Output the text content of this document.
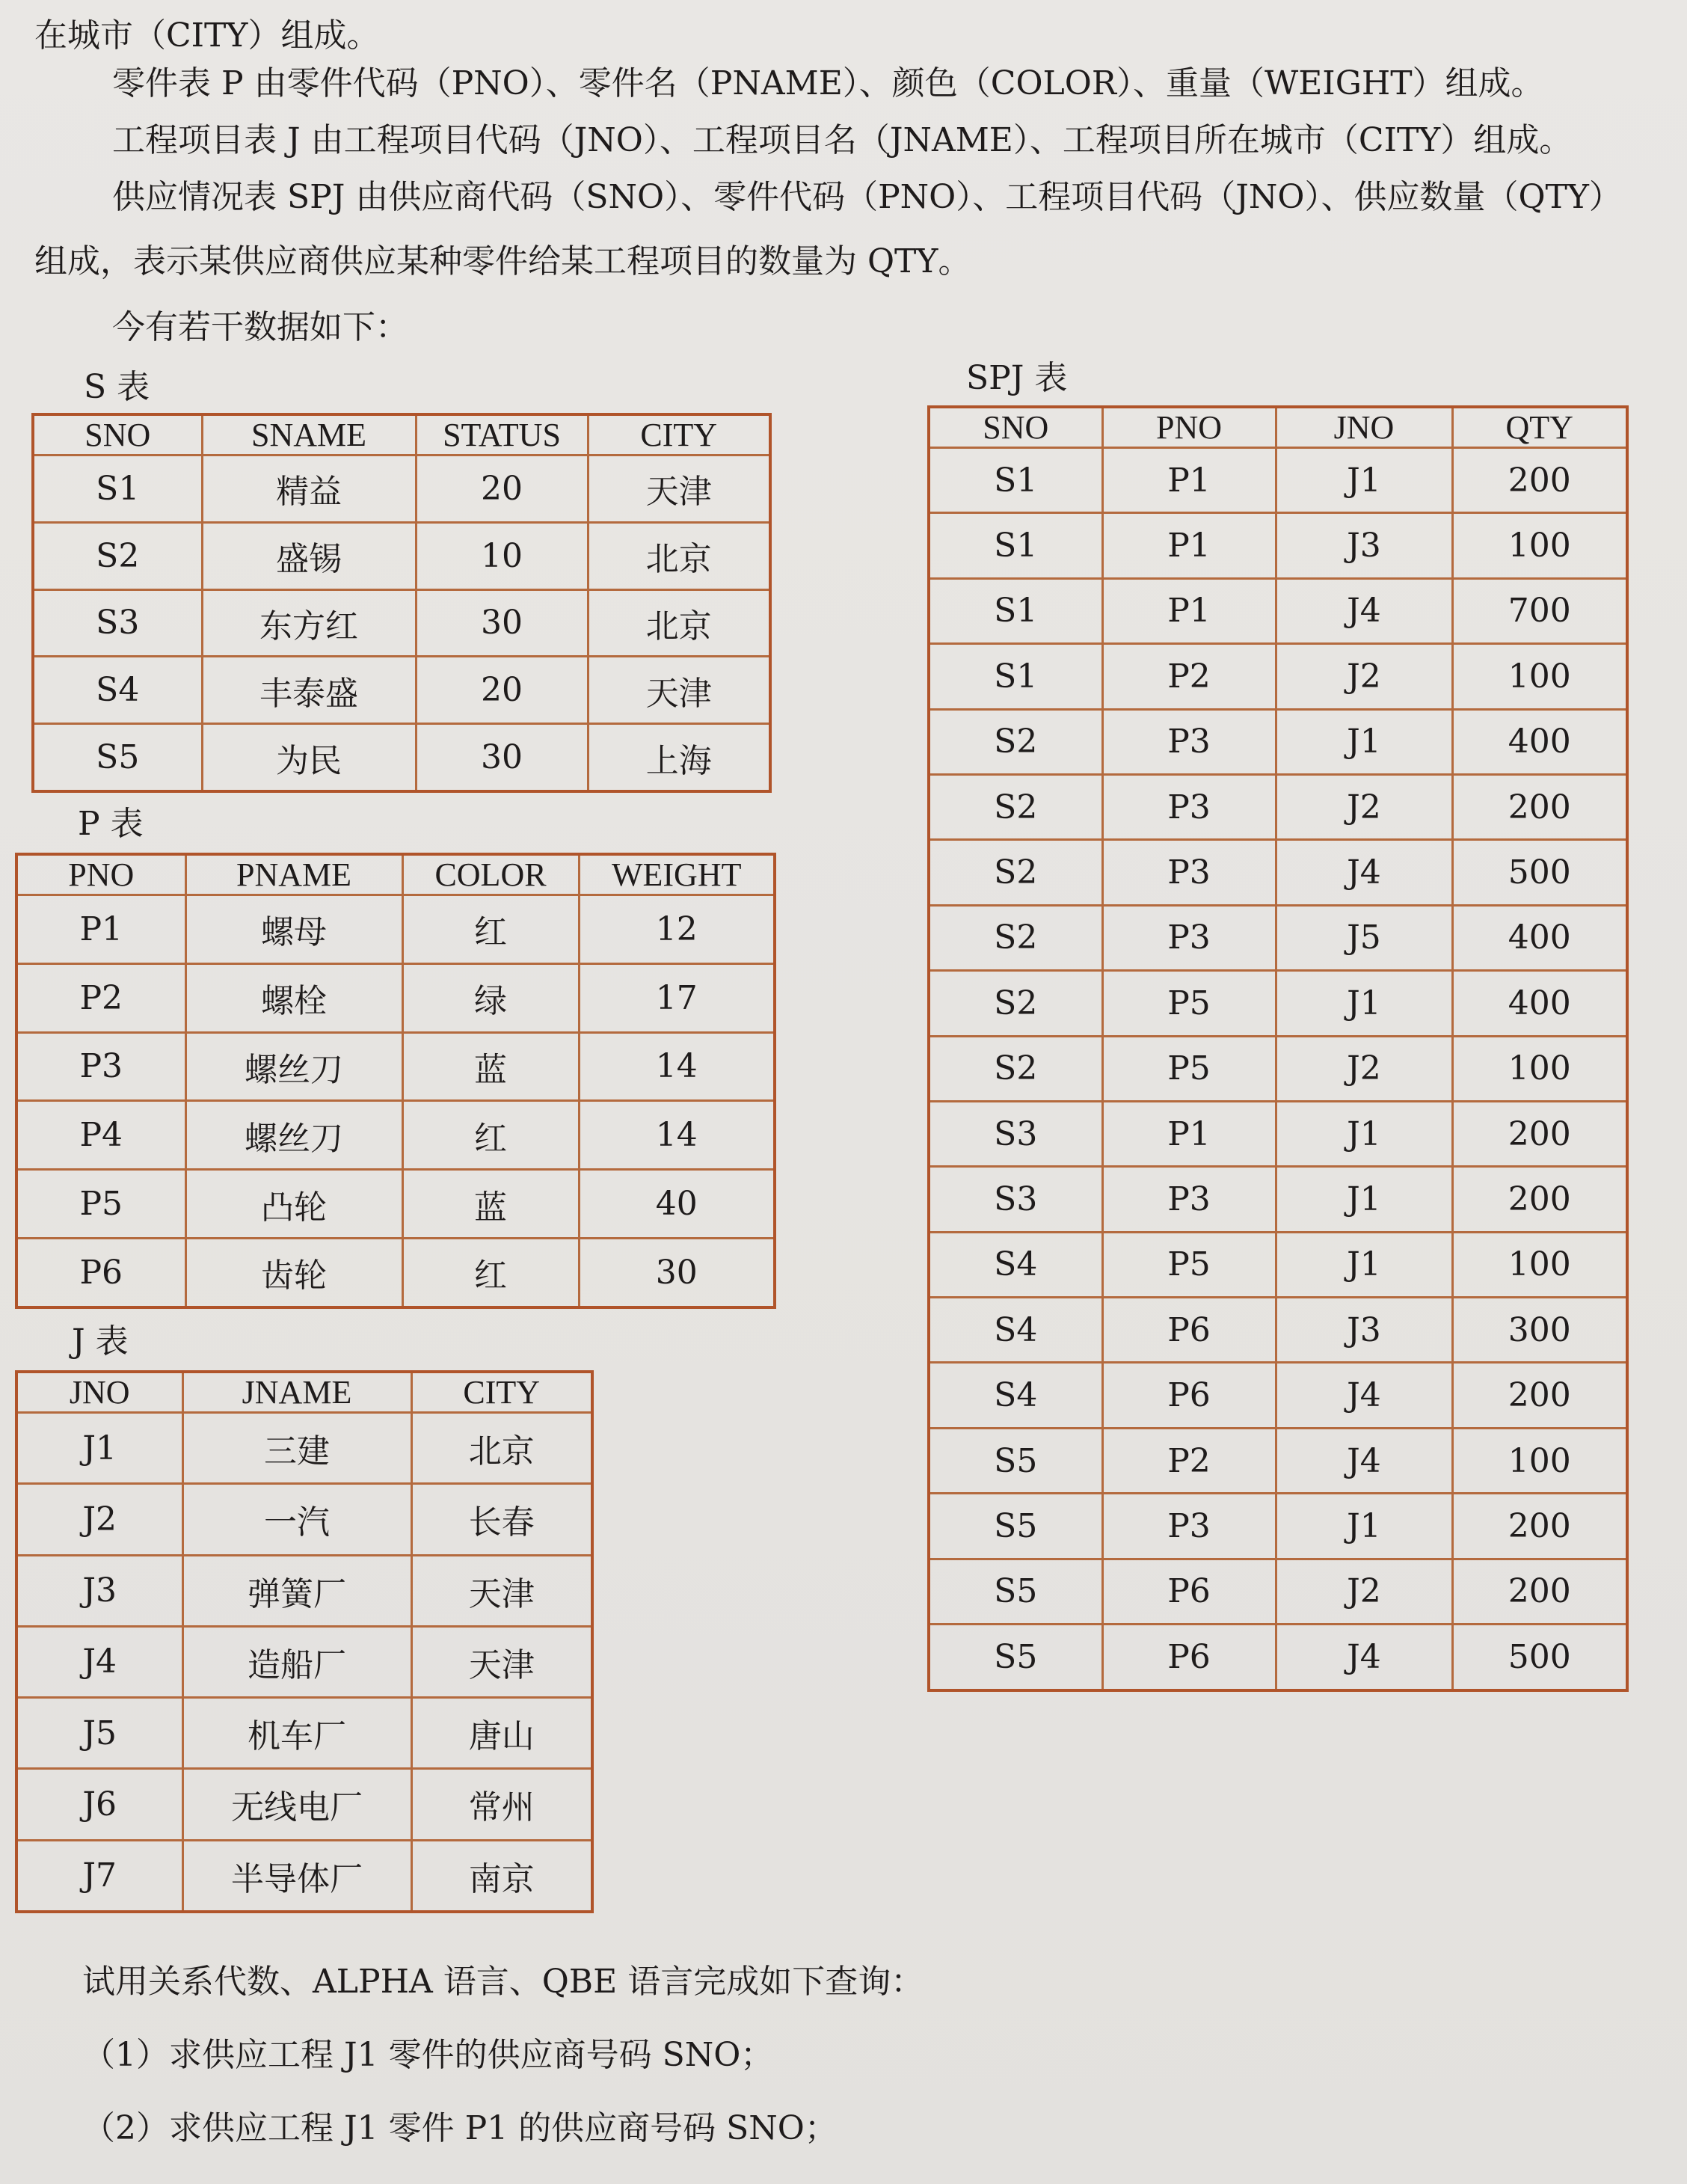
在城市（CITY）组成。
零件表 P 由零件代码（PNO）、零件名（PNAME）、颜色（COLOR）、重量（WEIGHT）组成。
工程项目表 J 由工程项目代码（JNO）、工程项目名（JNAME）、工程项目所在城市（CITY）组成。
供应情况表 SPJ 由供应商代码（SNO）、零件代码（PNO）、工程项目代码（JNO）、供应数量（QTY）
组成，表示某供应商供应某种零件给某工程项目的数量为 QTY。
今有若干数据如下：
S 表
SNO	SNAME	STATUS	CITY
S1	精益	20	天津
S2	盛锡	10	北京
S3	东方红	30	北京
S4	丰泰盛	20	天津
S5	为民	30	上海
P 表
PNO	PNAME	COLOR	WEIGHT
P1	螺母	红	12
P2	螺栓	绿	17
P3	螺丝刀	蓝	14
P4	螺丝刀	红	14
P5	凸轮	蓝	40
P6	齿轮	红	30
J 表
JNO	JNAME	CITY
J1	三建	北京
J2	一汽	长春
J3	弹簧厂	天津
J4	造船厂	天津
J5	机车厂	唐山
J6	无线电厂	常州
J7	半导体厂	南京
SPJ 表
SNO	PNO	JNO	QTY
S1	P1	J1	200
S1	P1	J3	100
S1	P1	J4	700
S1	P2	J2	100
S2	P3	J1	400
S2	P3	J2	200
S2	P3	J4	500
S2	P3	J5	400
S2	P5	J1	400
S2	P5	J2	100
S3	P1	J1	200
S3	P3	J1	200
S4	P5	J1	100
S4	P6	J3	300
S4	P6	J4	200
S5	P2	J4	100
S5	P3	J1	200
S5	P6	J2	200
S5	P6	J4	500
试用关系代数、ALPHA 语言、QBE 语言完成如下查询：
（1）求供应工程 J1 零件的供应商号码 SNO；
（2）求供应工程 J1 零件 P1 的供应商号码 SNO；
